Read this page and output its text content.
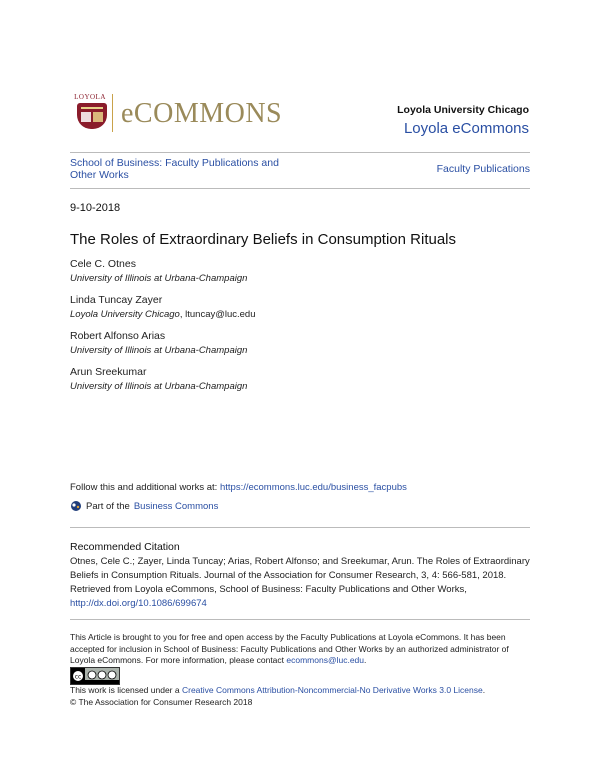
LOYOLA
eCOMMONS	Loyola University Chicago
Loyola eCommons
School of Business: Faculty Publications and
Other Works	Faculty Publications
9-10-2018
The Roles of Extraordinary Beliefs in Consumption Rituals
Cele C. Otnes
University of Illinois at Urbana-Champaign
Linda Tuncay Zayer
Loyola University Chicago, ltuncay@luc.edu
Robert Alfonso Arias
University of Illinois at Urbana-Champaign
Arun Sreekumar
University of Illinois at Urbana-Champaign
Follow this and additional works at: https://ecommons.luc.edu/business_facpubs
Part of the Business Commons
Recommended Citation
Otnes, Cele C.; Zayer, Linda Tuncay; Arias, Robert Alfonso; and Sreekumar, Arun. The Roles of Extraordinary Beliefs in Consumption Rituals. Journal of the Association for Consumer Research, 3, 4: 566-581, 2018. Retrieved from Loyola eCommons, School of Business: Faculty Publications and Other Works, http://dx.doi.org/10.1086/699674
This Article is brought to you for free and open access by the Faculty Publications at Loyola eCommons. It has been accepted for inclusion in School of Business: Faculty Publications and Other Works by an authorized administrator of Loyola eCommons. For more information, please contact ecommons@luc.edu.
cc
This work is licensed under a Creative Commons Attribution-Noncommercial-No Derivative Works 3.0 License.
© The Association for Consumer Research 2018
